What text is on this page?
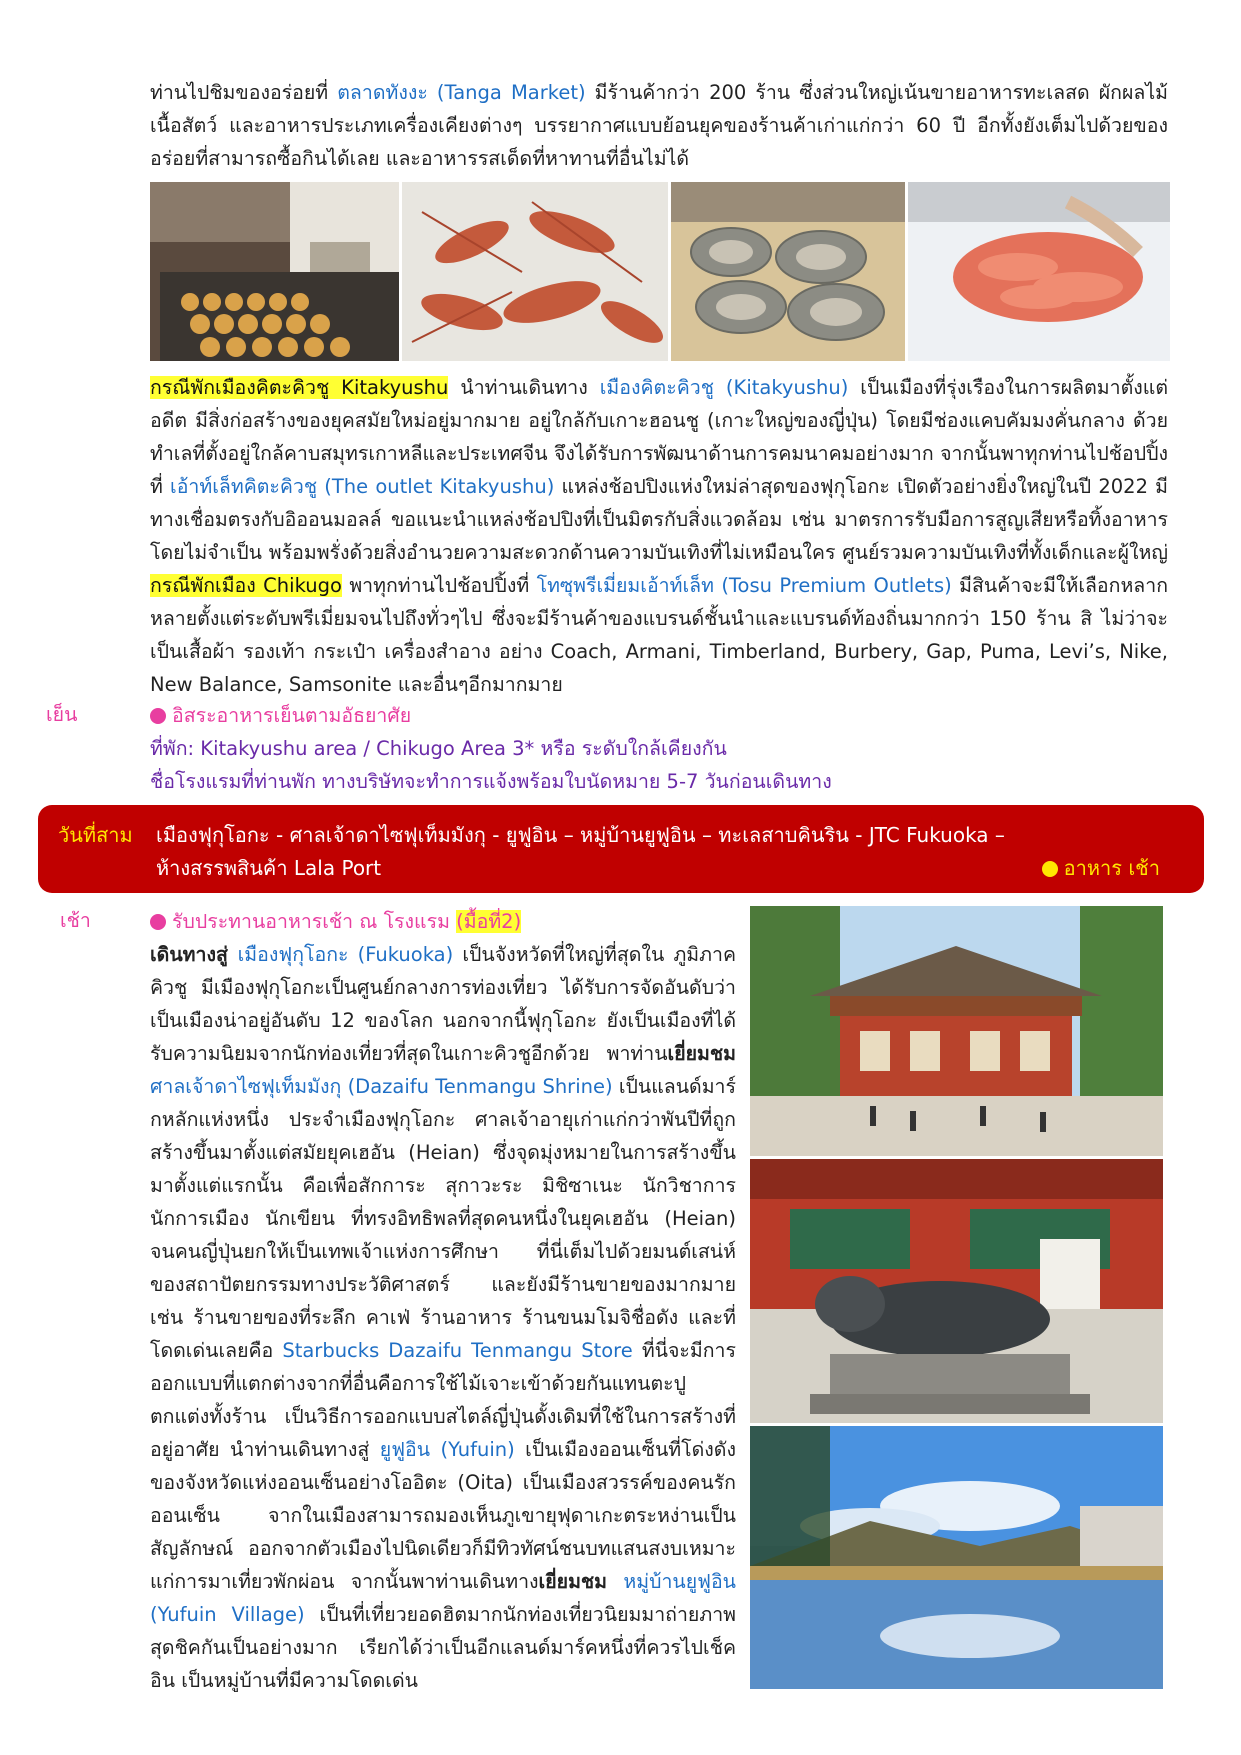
ท่านไปชิมของอร่อยที่ ตลาดทังงะ (Tanga Market) มีร้านค้ากว่า 200 ร้าน ซึ่งส่วนใหญ่เน้นขายอาหารทะเลสด ผักผลไม้ เนื้อสัตว์ และอาหารประเภทเครื่องเคียงต่างๆ บรรยากาศแบบย้อนยุคของร้านค้าเก่าแก่กว่า 60 ปี อีกทั้งยังเต็มไปด้วยของอร่อยที่สามารถซื้อกินได้เลย และอาหารรสเด็ดที่หาทานที่อื่นไม่ได้
กรณีพักเมืองคิตะคิวชู Kitakyushu นำท่านเดินทาง เมืองคิตะคิวชู (Kitakyushu) เป็นเมืองที่รุ่งเรืองในการผลิตมาตั้งแต่อดีต มีสิ่งก่อสร้างของยุคสมัยใหม่อยู่มากมาย อยู่ใกล้กับเกาะฮอนชู (เกาะใหญ่ของญี่ปุ่น) โดยมีช่องแคบคัมมงคั่นกลาง ด้วยทำเลที่ตั้งอยู่ใกล้คาบสมุทรเกาหลีและประเทศจีน จึงได้รับการพัฒนาด้านการคมนาคมอย่างมาก จากนั้นพาทุกท่านไปช้อปปิ้งที่ เอ้าท์เล็ทคิตะคิวชู (The outlet Kitakyushu) แหล่งช้อปปิงแห่งใหม่ล่าสุดของฟุกุโอกะ เปิดตัวอย่างยิ่งใหญ่ในปี 2022 มีทางเชื่อมตรงกับอิออนมอลล์ ขอแนะนำแหล่งช้อปปิงที่เป็นมิตรกับสิ่งแวดล้อม เช่น มาตรการรับมือการสูญเสียหรือทิ้งอาหารโดยไม่จำเป็น พร้อมพรั่งด้วยสิ่งอำนวยความสะดวกด้านความบันเทิงที่ไม่เหมือนใคร ศูนย์รวมความบันเทิงที่ทั้งเด็กและผู้ใหญ่ กรณีพักเมือง Chikugo พาทุกท่านไปช้อปปิ้งที่ โทซุพรีเมี่ยมเอ้าท์เล็ท (Tosu Premium Outlets) มีสินค้าจะมีให้เลือกหลากหลายตั้งแต่ระดับพรีเมี่ยมจนไปถึงทั่วๆไป ซึ่งจะมีร้านค้าของแบรนด์ชั้นนำและแบรนด์ท้องถิ่นมากกว่า 150 ร้าน สิ ไม่ว่าจะเป็นเสื้อผ้า รองเท้า กระเป๋า เครื่องสำอาง อย่าง Coach, Armani, Timberland, Burbery, Gap, Puma, Levi’s, Nike, New Balance, Samsonite และอื่นๆอีกมากมาย
เย็น	อิสระอาหารเย็นตามอัธยาศัย
ที่พัก: Kitakyushu area / Chikugo Area 3* หรือ ระดับใกล้เคียงกัน
ชื่อโรงแรมที่ท่านพัก ทางบริษัทจะทำการแจ้งพร้อมใบนัดหมาย 5-7 วันก่อนเดินทาง
วันที่สาม เมืองฟุกุโอกะ - ศาลเจ้าดาไซฟุเท็มมังกุ - ยูฟูอิน – หมู่บ้านยูฟูอิน – ทะเลสาบคินริน - JTC Fukuoka –
ห้างสรรพสินค้า Lala Port	อาหาร เช้า
เช้า	รับประทานอาหารเช้า ณ โรงแรม (มื้อที่2)
เดินทางสู่ เมืองฟุกุโอกะ (Fukuoka) เป็นจังหวัดที่ใหญ่ที่สุดใน ภูมิภาคคิวชู มีเมืองฟุกุโอกะเป็นศูนย์กลางการท่องเที่ยว ได้รับการจัดอันดับว่าเป็นเมืองน่าอยู่อันดับ 12 ของโลก นอกจากนี้ฟุกุโอกะ ยังเป็นเมืองที่ได้รับความนิยมจากนักท่องเที่ยวที่สุดในเกาะคิวชูอีกด้วย พาท่านเยี่ยมชม ศาลเจ้าดาไซฟุเท็มมังกุ (Dazaifu Tenmangu Shrine) เป็นแลนด์มาร์กหลักแห่งหนึ่ง ประจำเมืองฟุกุโอกะ ศาลเจ้าอายุเก่าแก่กว่าพันปีที่ถูกสร้างขึ้นมาตั้งแต่สมัยยุคเฮอัน (Heian) ซึ่งจุดมุ่งหมายในการสร้างขึ้นมาตั้งแต่แรกนั้น คือเพื่อสักการะ สุกาวะระ มิชิซาเนะ นักวิชาการ นักการเมือง นักเขียน ที่ทรงอิทธิพลที่สุดคนหนึ่งในยุคเฮอัน (Heian) จนคนญี่ปุ่นยกให้เป็นเทพเจ้าแห่งการศึกษา ที่นี่เต็มไปด้วยมนต์เสน่ห์ของสถาปัตยกรรมทางประวัติศาสตร์ และยังมีร้านขายของมากมาย เช่น ร้านขายของที่ระลึก คาเฟ่ ร้านอาหาร ร้านขนมโมจิชื่อดัง และที่โดดเด่นเลยคือ Starbucks Dazaifu Tenmangu Store ที่นี่จะมีการออกแบบที่แตกต่างจากที่อื่นคือการใช้ไม้เจาะเข้าด้วยกันแทนตะปูตกแต่งทั้งร้าน เป็นวิธีการออกแบบสไตล์ญี่ปุ่นดั้งเดิมที่ใช้ในการสร้างที่อยู่อาศัย นำท่านเดินทางสู่ ยูฟูอิน (Yufuin) เป็นเมืองออนเซ็นที่โด่งดังของจังหวัดแห่งออนเซ็นอย่างโออิตะ (Oita) เป็นเมืองสวรรค์ของคนรักออนเซ็น จากในเมืองสามารถมองเห็นภูเขายุฟุดาเกะตระหง่านเป็นสัญลักษณ์ ออกจากตัวเมืองไปนิดเดียวก็มีทิวทัศน์ชนบทแสนสงบเหมาะแก่การมาเที่ยวพักผ่อน จากนั้นพาท่านเดินทางเยี่ยมชม หมู่บ้านยูฟูอิน (Yufuin Village) เป็นที่เที่ยวยอดฮิตมากนักท่องเที่ยวนิยมมาถ่ายภาพสุดชิคกันเป็นอย่างมาก เรียกได้ว่าเป็นอีกแลนด์มาร์คหนึ่งที่ควรไปเช็คอิน เป็นหมู่บ้านที่มีความโดดเด่น
